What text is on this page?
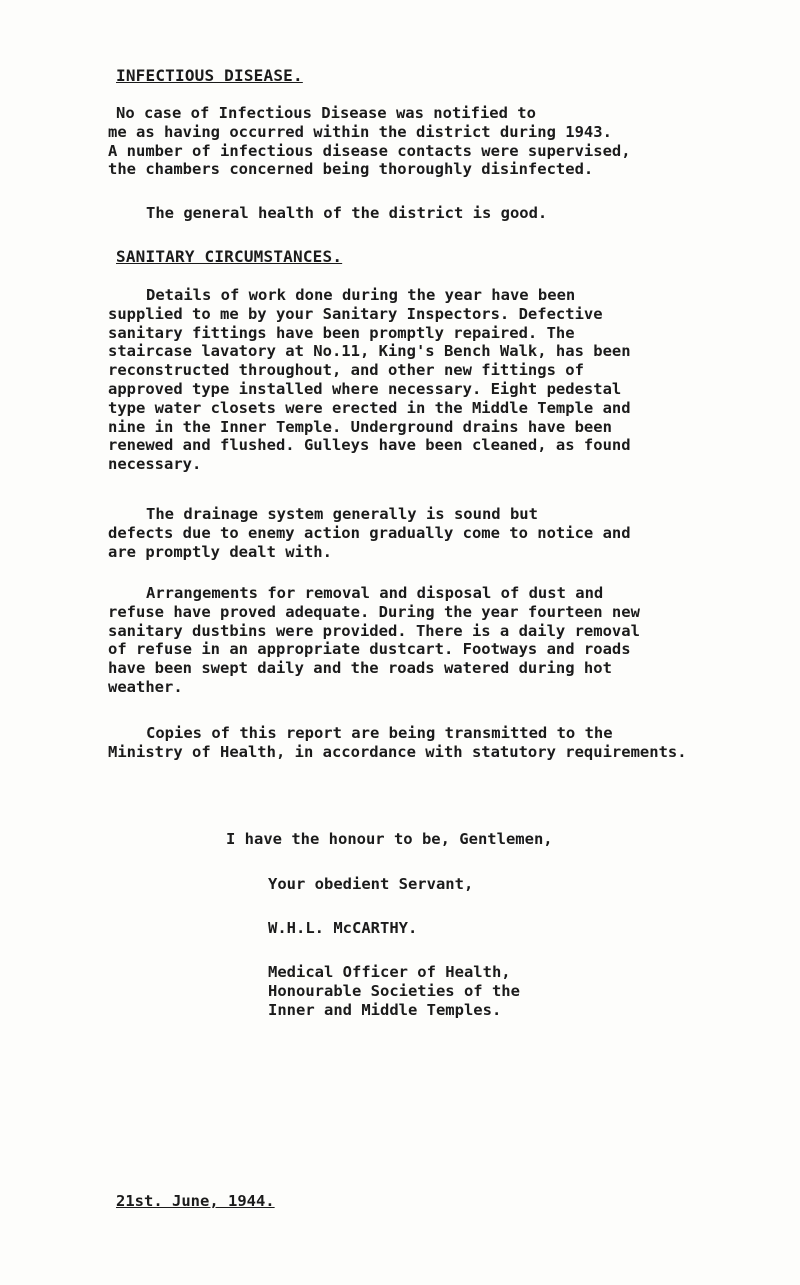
INFECTIOUS DISEASE.

No case of Infectious Disease was notified to
me as having occurred within the district during 1943.
A number of infectious disease contacts were supervised,
the chambers concerned being thoroughly disinfected.

The general health of the district is good.

SANITARY CIRCUMSTANCES.

Details of work done during the year have been
supplied to me by your Sanitary Inspectors. Defective
sanitary fittings have been promptly repaired. The
staircase lavatory at No.11, King's Bench Walk, has been
reconstructed throughout, and other new fittings of
approved type installed where necessary. Eight pedestal
type water closets were erected in the Middle Temple and
nine in the Inner Temple. Underground drains have been
renewed and flushed. Gulleys have been cleaned, as found
necessary.

The drainage system generally is sound but
defects due to enemy action gradually come to notice and
are promptly dealt with.

Arrangements for removal and disposal of dust and
refuse have proved adequate. During the year fourteen new
sanitary dustbins were provided. There is a daily removal
of refuse in an appropriate dustcart. Footways and roads
have been swept daily and the roads watered during hot
weather.

Copies of this report are being transmitted to the
Ministry of Health, in accordance with statutory requirements.

I have the honour to be, Gentlemen,

Your obedient Servant,

W.H.L. McCARTHY.

Medical Officer of Health,
Honourable Societies of the
Inner and Middle Temples.

21st. June, 1944.
